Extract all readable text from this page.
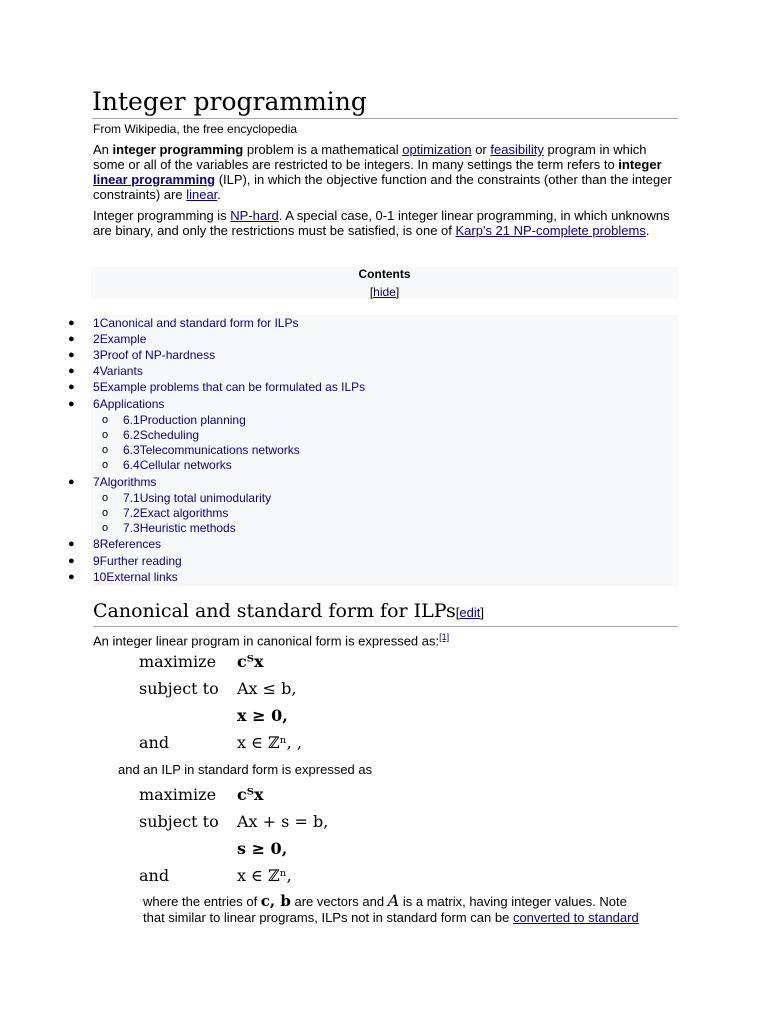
Integer programming
From Wikipedia, the free encyclopedia
An integer programming problem is a mathematical optimization or feasibility program in which some or all of the variables are restricted to be integers. In many settings the term refers to integer linear programming (ILP), in which the objective function and the constraints (other than the integer constraints) are linear.
Integer programming is NP-hard. A special case, 0-1 integer linear programming, in which unknowns are binary, and only the restrictions must be satisfied, is one of Karp's 21 NP-complete problems.
Contents
[hide]
● 1Canonical and standard form for ILPs
● 2Example
● 3Proof of NP-hardness
● 4Variants
● 5Example problems that can be formulated as ILPs
● 6Applications
o 6.1Production planning
o 6.2Scheduling
o 6.3Telecommunications networks
o 6.4Cellular networks
● 7Algorithms
o 7.1Using total unimodularity
o 7.2Exact algorithms
o 7.3Heuristic methods
● 8References
● 9Further reading
● 10External links
Canonical and standard form for ILPs[edit]
An integer linear program in canonical form is expressed as:[1]
maximize cᵀx
subject to Ax ≤ b,
x ≥ 0,
and	x ∈ ℤⁿ, ,
and an ILP in standard form is expressed as
maximize cᵀx
subject to Ax + s = b,
s ≥ 0,
and	x ∈ ℤⁿ,
where the entries of c, b are vectors and A is a matrix, having integer values. Note
that similar to linear programs, ILPs not in standard form can be converted to standard
